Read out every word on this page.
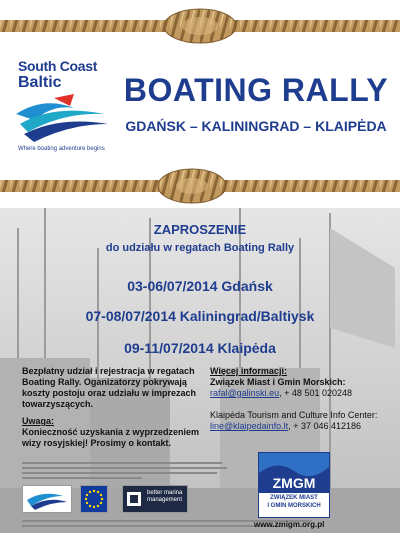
South Coast
Baltic
Where boating adventure begins
BOATING RALLY
GDAŃSK – KALININGRAD – KLAIPĖDA
ZAPROSZENIE
do udziału w regatach Boating Rally
03-06/07/2014 Gdańsk
07-08/07/2014 Kaliningrad/Baltiysk
09-11/07/2014 Klaipėda
Bezpłatny udział i rejestracja w regatach Boating Rally. Oganizatorzy pokrywają koszty postoju oraz udziału w imprezach towarzyszących.
Uwaga:
Konieczność uzyskania z wyprzedzeniem wizy rosyjskiej! Prosimy o kontakt.
Więcej informacji:
Związek Miast i Gmin Morskich:
rafal@galinski.eu, + 48 501 020248
Klaipėda Tourism and Culture Info Center:
line@klaipedainfo.lt, + 37 046 412186
better marina management
ZMGM
ZWIĄZEK MIAST
I GMIN MORSKICH
www.zmigm.org.pl
